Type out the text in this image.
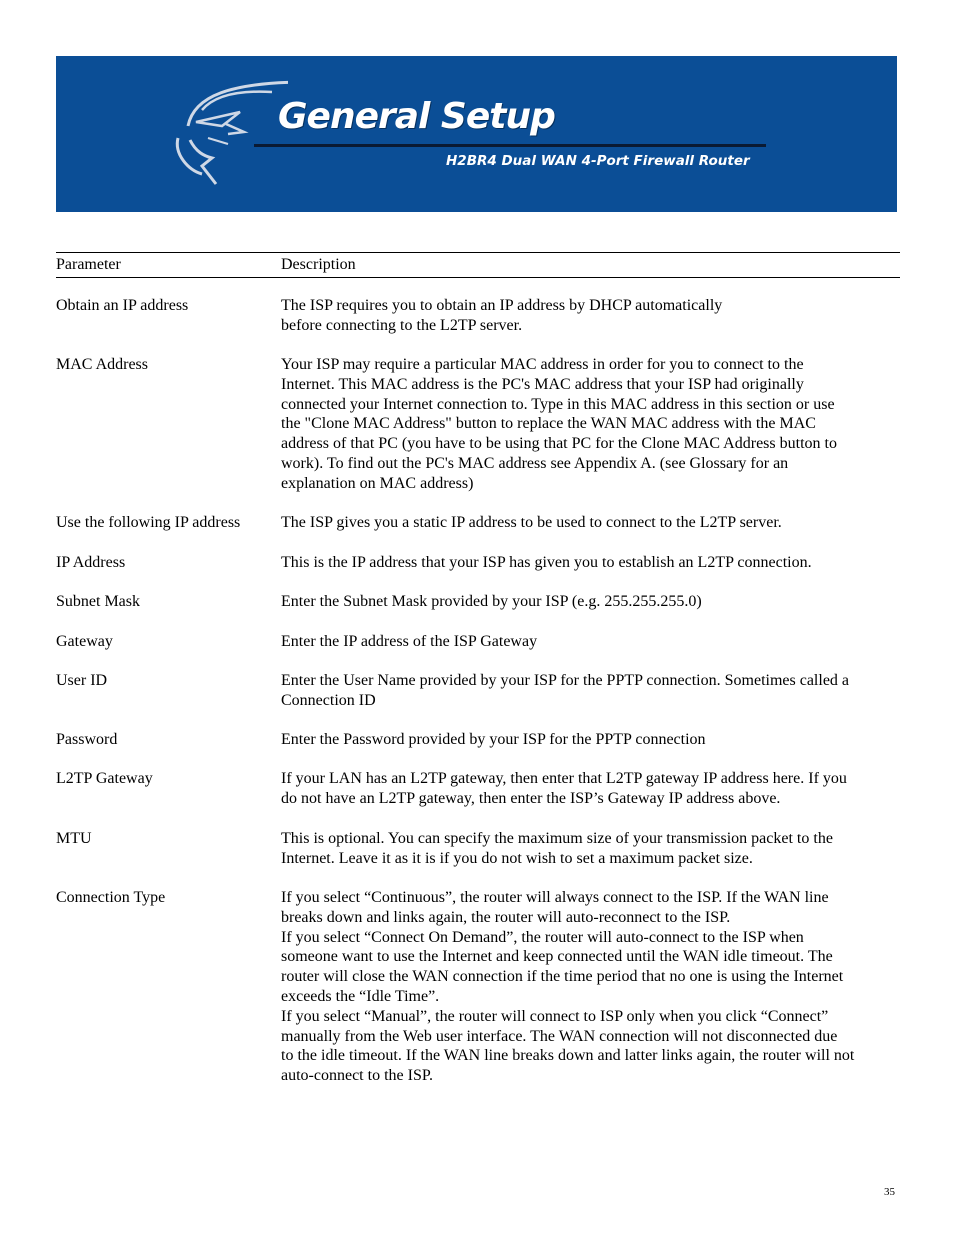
General Setup
H2BR4 Dual WAN 4-Port Firewall Router
Parameter	Description
Obtain an IP address	The ISP requires you to obtain an IP address by DHCP automatically
before connecting to the L2TP server.
MAC Address	Your ISP may require a particular MAC address in order for you to connect to the
Internet. This MAC address is the PC's MAC address that your ISP had originally
connected your Internet connection to. Type in this MAC address in this section or use
the "Clone MAC Address" button to replace the WAN MAC address with the MAC
address of that PC (you have to be using that PC for the Clone MAC Address button to
work). To find out the PC's MAC address see Appendix A. (see Glossary for an
explanation on MAC address)
Use the following IP address	The ISP gives you a static IP address to be used to connect to the L2TP server.
IP Address	This is the IP address that your ISP has given you to establish an L2TP connection.
Subnet Mask	Enter the Subnet Mask provided by your ISP (e.g. 255.255.255.0)
Gateway	Enter the IP address of the ISP Gateway
User ID	Enter the User Name provided by your ISP for the PPTP connection. Sometimes called a
Connection ID
Password	Enter the Password provided by your ISP for the PPTP connection
L2TP Gateway	If your LAN has an L2TP gateway, then enter that L2TP gateway IP address here. If you
do not have an L2TP gateway, then enter the ISP’s Gateway IP address above.
MTU	This is optional. You can specify the maximum size of your transmission packet to the
Internet. Leave it as it is if you do not wish to set a maximum packet size.
Connection Type	If you select “Continuous”, the router will always connect to the ISP. If the WAN line
breaks down and links again, the router will auto-reconnect to the ISP.
If you select “Connect On Demand”, the router will auto-connect to the ISP when
someone want to use the Internet and keep connected until the WAN idle timeout. The
router will close the WAN connection if the time period that no one is using the Internet
exceeds the “Idle Time”.
If you select “Manual”, the router will connect to ISP only when you click “Connect”
manually from the Web user interface. The WAN connection will not disconnected due
to the idle timeout. If the WAN line breaks down and latter links again, the router will not
auto-connect to the ISP.
35
